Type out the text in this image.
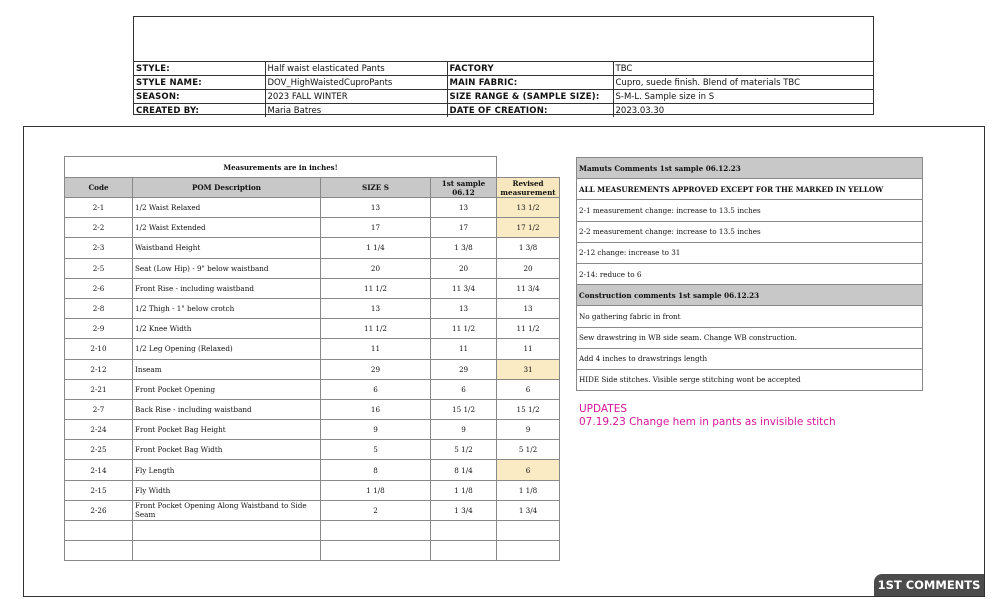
STYLE:	Half waist elasticated Pants	FACTORY	TBC
STYLE NAME:	DOV_HighWaistedCuproPants	MAIN FABRIC:	Cupro, suede finish. Blend of materials TBC
SEASON:	2023 FALL WINTER	SIZE RANGE & (SAMPLE SIZE):	S-M-L. Sample size in S
CREATED BY:	Maria Batres	DATE OF CREATION:	2023.03.30
Measurements are in inches!				
Code	POM Description	SIZE S	1st sample 06.12	Revised measurement
2-1	1/2 Waist Relaxed	13	13	13 1/2
2-2	1/2 Waist Extended	17	17	17 1/2
2-3	Waistband Height	1 1/4	1 3/8	1 3/8
2-5	Seat (Low Hip) - 9" below waistband	20	20	20
2-6	Front Rise - including waistband	11 1/2	11 3/4	11 3/4
2-8	1/2 Thigh - 1" below crotch	13	13	13
2-9	1/2 Knee Width	11 1/2	11 1/2	11 1/2
2-10	1/2 Leg Opening (Relaxed)	11	11	11
2-12	Inseam	29	29	31
2-21	Front Pocket Opening	6	6	6
2-7	Back Rise - including waistband	16	15 1/2	15 1/2
2-24	Front Pocket Bag Height	9	9	9
2-25	Front Pocket Bag Width	5	5 1/2	5 1/2
2-14	Fly Length	8	8 1/4	6
2-15	Fly Width	1 1/8	1 1/8	1 1/8
2-26	Front Pocket Opening Along Waistband to Side Seam	2	1 3/4	1 3/4

Mamuts Comments 1st sample 06.12.23
ALL MEASUREMENTS APPROVED EXCEPT FOR THE MARKED IN YELLOW
2-1 measurement change: increase to 13.5 inches
2-2 measurement change: increase to 13.5 inches
2-12 change: increase to 31
2-14: reduce to 6
Construction comments 1st sample 06.12.23
No gathering fabric in front
Sew drawstring in WB side seam. Change WB construction.
Add 4 inches to drawstrings length
HIDE Side stitches. Visible serge stitching wont be accepted
UPDATES
07.19.23 Change hem in pants as invisible stitch
1ST COMMENTS
